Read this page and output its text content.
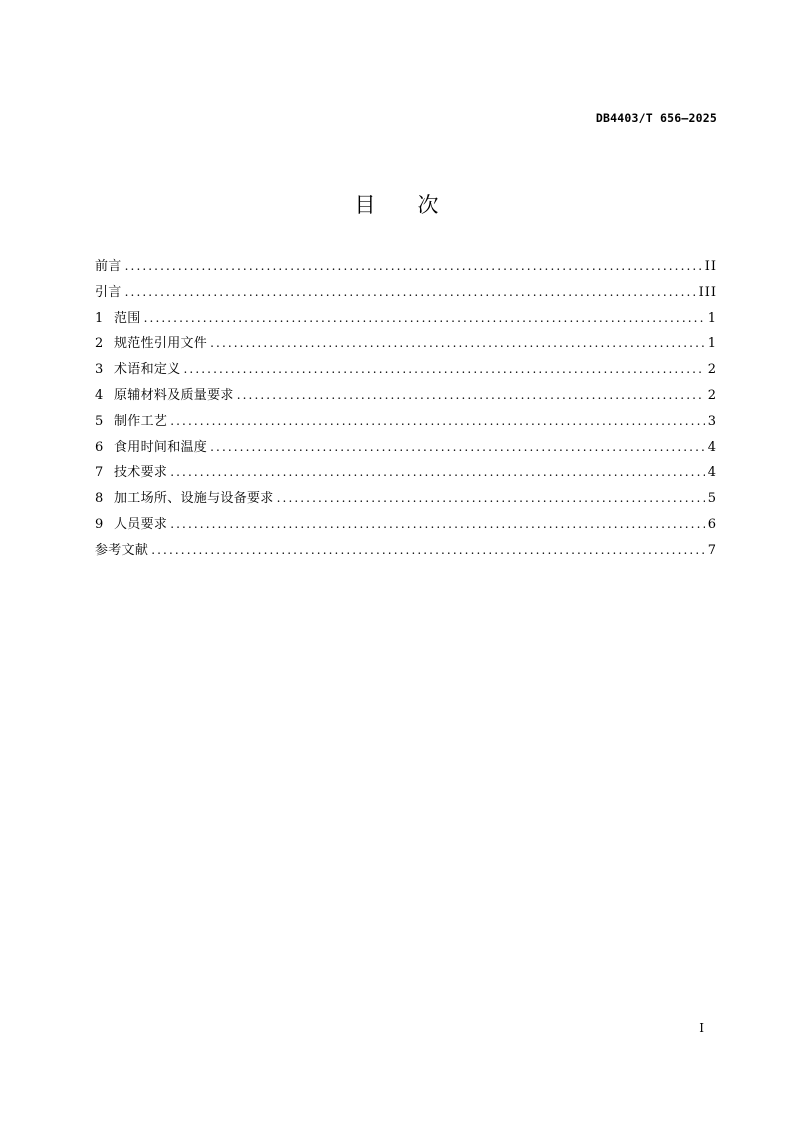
DB4403/T 656—2025
目 次
前言 .....	II
引言 .....	III
1 范围 .....	1
2 规范性引用文件 .....	1
3 术语和定义 .....	2
4 原辅材料及质量要求 .....	2
5 制作工艺 .....	3
6 食用时间和温度 .....	4
7 技术要求 .....	4
8 加工场所、设施与设备要求 .....	5
9 人员要求 .....	6
参考文献 .....	7
I
